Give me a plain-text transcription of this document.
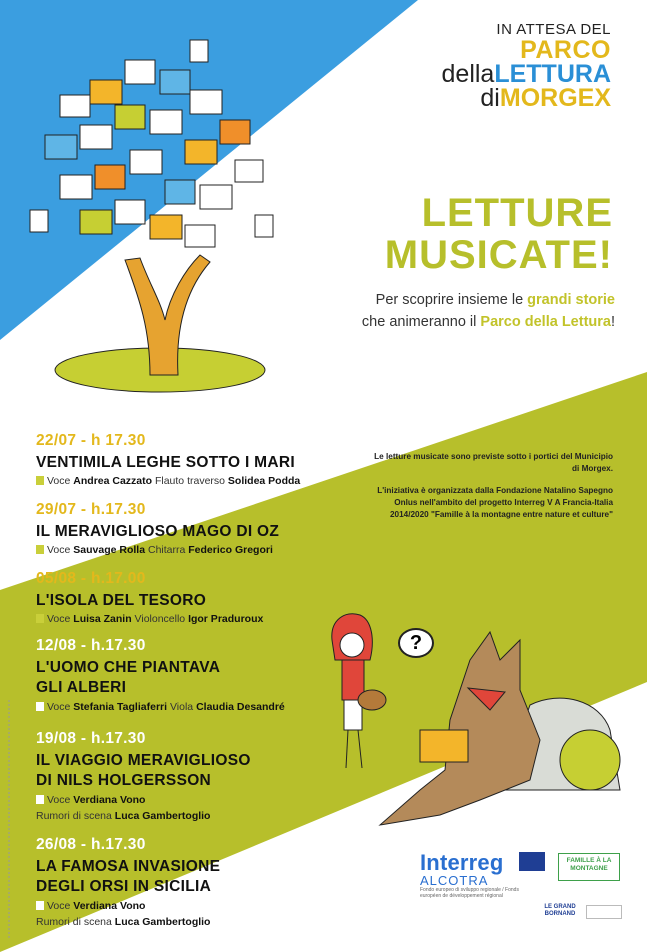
IN ATTESA DEL
PARCO
dellaLETTURA
diMORGEX
LETTURE
MUSICATE!
Per scoprire insieme le grandi storie che animeranno il Parco della Lettura!

Le letture musicate sono previste sotto i portici del Municipio di Morgex.

L'iniziativa è organizzata dalla Fondazione Natalino Sapegno Onlus nell'ambito del progetto Interreg V A Francia-Italia 2014/2020 "Famille à la montagne entre nature et culture"

22/07 - h 17.30
VENTIMILA LEGHE SOTTO I MARI
Voce Andrea Cazzato Flauto traverso Solidea Podda
29/07 - h.17.30
IL MERAVIGLIOSO MAGO DI OZ
Voce Sauvage Rolla Chitarra Federico Gregori
05/08 - h.17.00
L'ISOLA DEL TESORO
Voce Luisa Zanin Violoncello Igor Praduroux
12/08 - h.17.30
L'UOMO CHE PIANTAVA
GLI ALBERI
Voce Stefania Tagliaferri Viola Claudia Desandré
19/08 - h.17.30
IL VIAGGIO MERAVIGLIOSO
DI NILS HOLGERSSON
Voce Verdiana Vono
Rumori di scena Luca Gambertoglio
26/08 - h.17.30
LA FAMOSA INVASIONE
DEGLI ORSI IN SICILIA
Voce Verdiana Vono
Rumori di scena Luca Gambertoglio
?
Interreg
ALCOTRA
Fondo europeo di sviluppo regionale / Fonds européen de développement régional
FAMILLE À LA MONTAGNE
LE GRAND BORNAND
